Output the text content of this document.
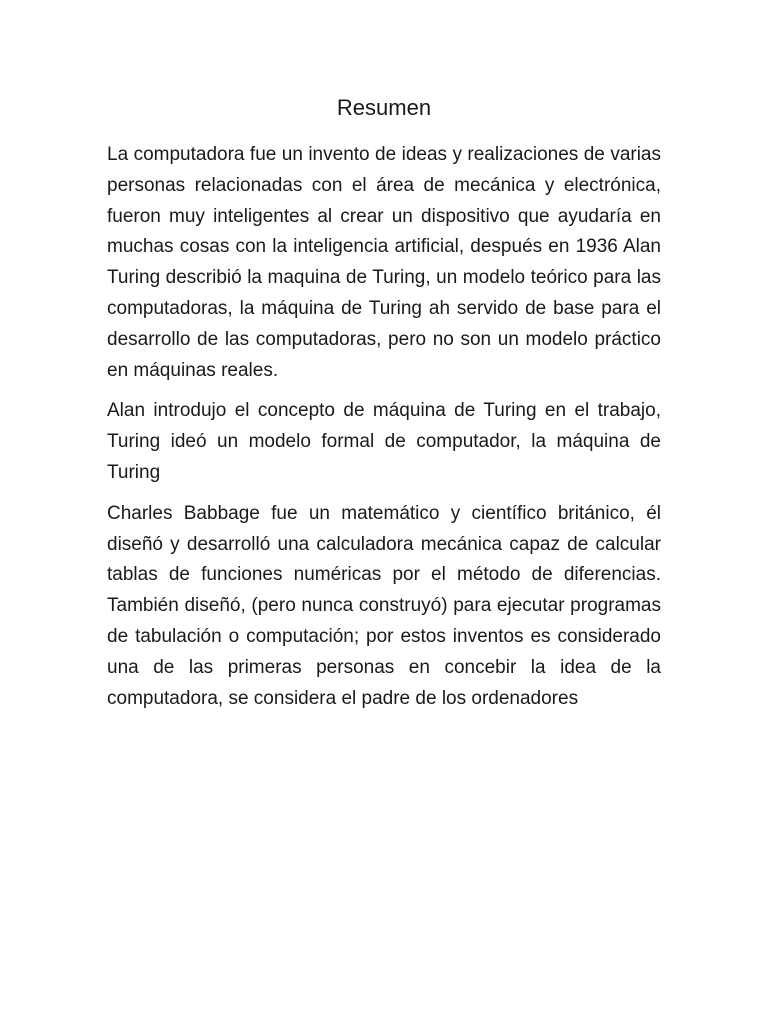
Resumen

La computadora fue un invento de ideas y realizaciones de varias personas relacionadas con el área de mecánica y electrónica, fueron muy inteligentes al crear un dispositivo que ayudaría en muchas cosas con la inteligencia artificial, después en 1936 Alan Turing describió la maquina de Turing, un modelo teórico para las computadoras, la máquina de Turing ah servido de base para el desarrollo de las computadoras, pero no son un modelo práctico en máquinas reales.

Alan introdujo el concepto de máquina de Turing en el trabajo, Turing ideó un modelo formal de computador, la máquina de Turing

Charles Babbage fue un matemático y científico británico, él diseñó y desarrolló una calculadora mecánica capaz de calcular tablas de funciones numéricas por el método de diferencias. También diseñó, (pero nunca construyó) para ejecutar programas de tabulación o computación; por estos inventos es considerado una de las primeras personas en concebir la idea de la computadora, se considera el padre de los ordenadores
